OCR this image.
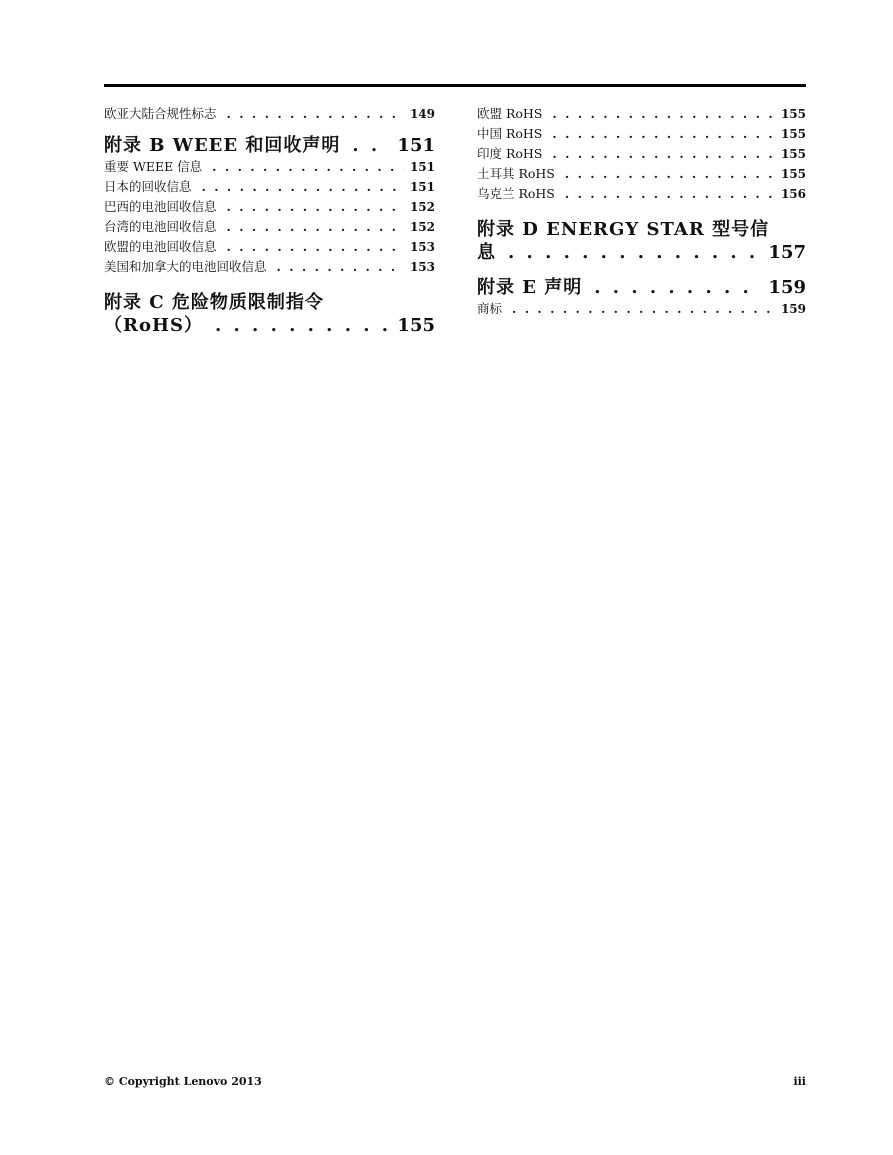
欧亚大陆合规性标志 . . .	149
附录 B WEEE 和回收声明 . . .	151
重要 WEEE 信息 . . .	151
日本的回收信息 . . .	151
巴西的电池回收信息 . . .	152
台湾的电池回收信息 . . .	152
欧盟的电池回收信息 . . .	153
美国和加拿大的电池回收信息 . . .	153
附录 C 危险物质限制指令
（RoHS） . . .	155
欧盟 RoHS . . .	155
中国 RoHS . . .	155
印度 RoHS . . .	155
土耳其 RoHS . . .	155
乌克兰 RoHS . . .	156
附录 D ENERGY STAR 型号信
息 . . .	157
附录 E 声明 . . .	159
商标 . . .	159
© Copyright Lenovo 2013	iii
